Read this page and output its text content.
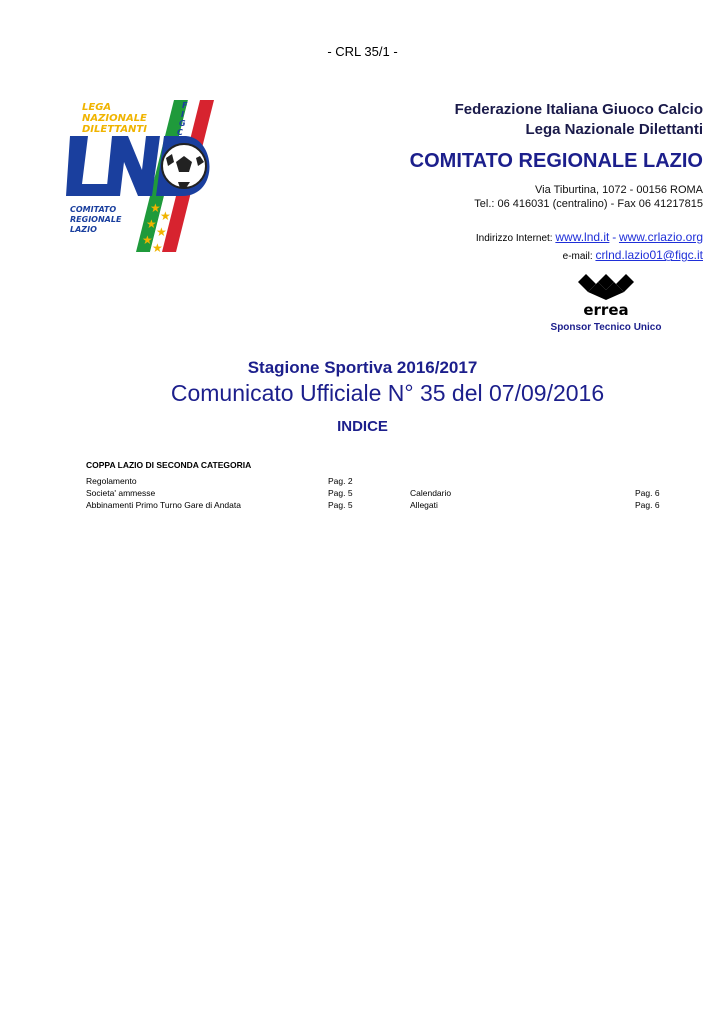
- CRL 35/1 -
★
★
★
★
★
★
LEGA
NAZIONALE
DILETTANTI
COMITATO
REGIONALE
LAZIO
F
I
G
C
Federazione Italiana Giuoco Calcio
Lega Nazionale Dilettanti
COMITATO REGIONALE LAZIO
Via Tiburtina, 1072 - 00156 ROMA
Tel.: 06 416031 (centralino) - Fax 06 41217815
Indirizzo Internet: www.lnd.it - www.crlazio.org
e-mail: crlnd.lazio01@figc.it
errea
Sponsor Tecnico Unico
Stagione Sportiva 2016/2017
Comunicato Ufficiale N° 35 del 07/09/2016
INDICE
COPPA LAZIO DI SECONDA CATEGORIA
Regolamento	Pag. 2
Societa' ammesse	Pag. 5	Calendario	Pag. 6
Abbinamenti Primo Turno Gare di Andata	Pag. 5	Allegati	Pag. 6
